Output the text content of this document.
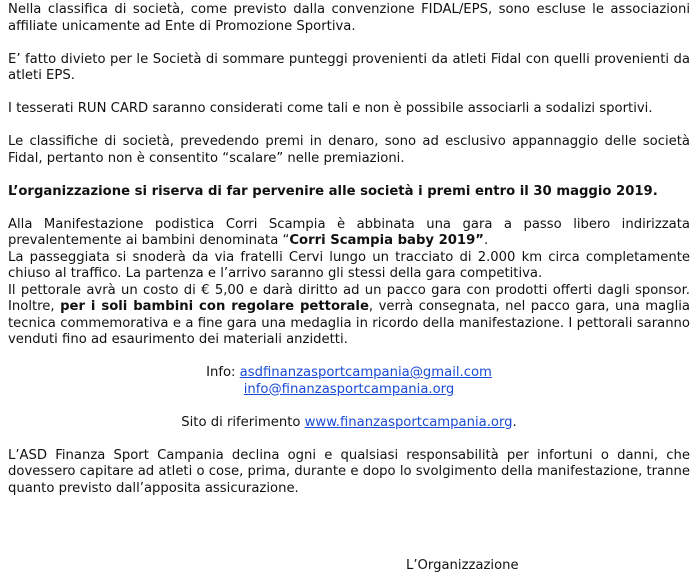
Nella classifica di società, come previsto dalla convenzione FIDAL/EPS, sono escluse le associazioni affiliate unicamente ad Ente di Promozione Sportiva.

E’ fatto divieto per le Società di sommare punteggi provenienti da atleti Fidal con quelli provenienti da atleti EPS.

I tesserati RUN CARD saranno considerati come tali e non è possibile associarli a sodalizi sportivi.

Le classifiche di società, prevedendo premi in denaro, sono ad esclusivo appannaggio delle società Fidal, pertanto non è consentito “scalare” nelle premiazioni.

L’organizzazione si riserva di far pervenire alle società i premi entro il 30 maggio 2019.

Alla Manifestazione podistica Corri Scampia è abbinata una gara a passo libero indirizzata prevalentemente ai bambini denominata “Corri Scampia baby 2019”.

La passeggiata si snoderà da via fratelli Cervi lungo un tracciato di 2.000 km circa completamente chiuso al traffico. La partenza e l’arrivo saranno gli stessi della gara competitiva.

Il pettorale avrà un costo di € 5,00 e darà diritto ad un pacco gara con prodotti offerti dagli sponsor. Inoltre, per i soli bambini con regolare pettorale, verrà consegnata, nel pacco gara, una maglia tecnica commemorativa e a fine gara una medaglia in ricordo della manifestazione. I pettorali saranno venduti fino ad esaurimento dei materiali anzidetti.

Info: asdfinanzasportcampania@gmail.com
info@finanzasportcampania.org
Sito di riferimento www.finanzasportcampania.org.

L’ASD Finanza Sport Campania declina ogni e qualsiasi responsabilità per infortuni o danni, che dovessero capitare ad atleti o cose, prima, durante e dopo lo svolgimento della manifestazione, tranne quanto previsto dall’apposita assicurazione.

L’Organizzazione
